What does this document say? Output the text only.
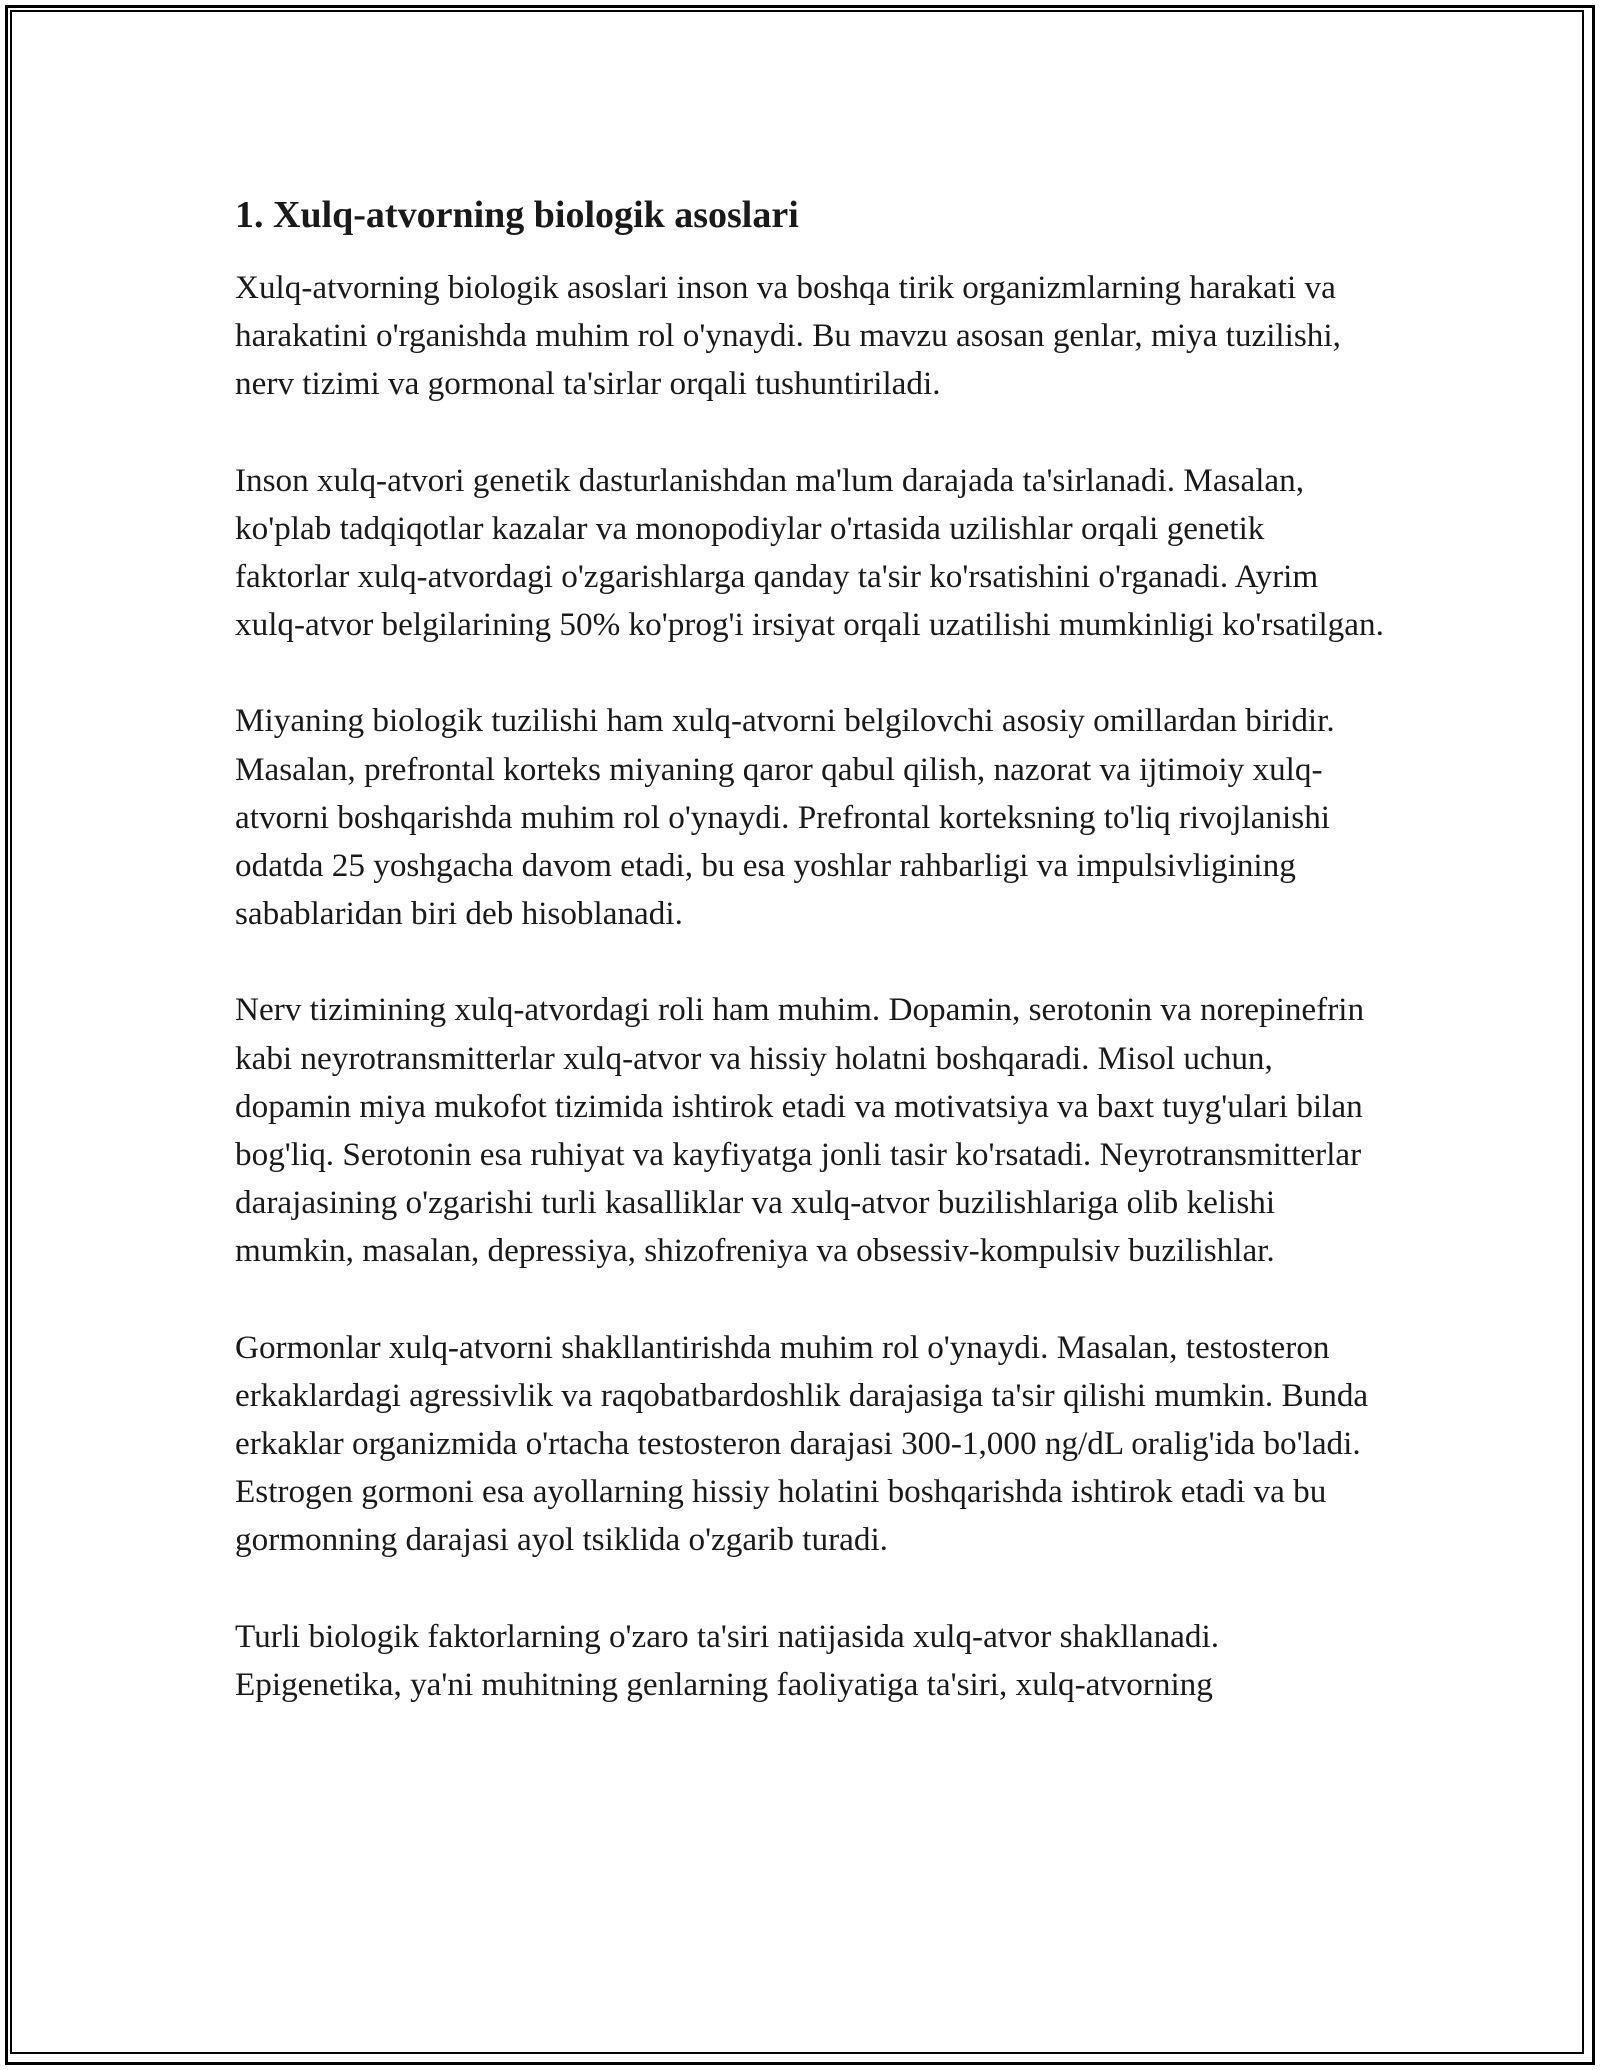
1. Xulq-atvorning biologik asoslari

Xulq-atvorning biologik asoslari inson va boshqa tirik organizmlarning harakati va harakatini o'rganishda muhim rol o'ynaydi. Bu mavzu asosan genlar, miya tuzilishi, nerv tizimi va gormonal ta'sirlar orqali tushuntiriladi.

Inson xulq-atvori genetik dasturlanishdan ma'lum darajada ta'sirlanadi. Masalan, ko'plab tadqiqotlar kazalar va monopodiylar o'rtasida uzilishlar orqali genetik faktorlar xulq-atvordagi o'zgarishlarga qanday ta'sir ko'rsatishini o'rganadi. Ayrim xulq-atvor belgilarining 50% ko'prog'i irsiyat orqali uzatilishi mumkinligi ko'rsatilgan.

Miyaning biologik tuzilishi ham xulq-atvorni belgilovchi asosiy omillardan biridir. Masalan, prefrontal korteks miyaning qaror qabul qilish, nazorat va ijtimoiy xulq-atvorni boshqarishda muhim rol o'ynaydi. Prefrontal korteksning to'liq rivojlanishi odatda 25 yoshgacha davom etadi, bu esa yoshlar rahbarligi va impulsivligining sabablaridan biri deb hisoblanadi.

Nerv tizimining xulq-atvordagi roli ham muhim. Dopamin, serotonin va norepinefrin kabi neyrotransmitterlar xulq-atvor va hissiy holatni boshqaradi. Misol uchun, dopamin miya mukofot tizimida ishtirok etadi va motivatsiya va baxt tuyg'ulari bilan bog'liq. Serotonin esa ruhiyat va kayfiyatga jonli tasir ko'rsatadi. Neyrotransmitterlar darajasining o'zgarishi turli kasalliklar va xulq-atvor buzilishlariga olib kelishi mumkin, masalan, depressiya, shizofreniya va obsessiv-kompulsiv buzilishlar.

Gormonlar xulq-atvorni shakllantirishda muhim rol o'ynaydi. Masalan, testosteron erkaklardagi agressivlik va raqobatbardoshlik darajasiga ta'sir qilishi mumkin. Bunda erkaklar organizmida o'rtacha testosteron darajasi 300-1,000 ng/dL oralig'ida bo'ladi. Estrogen gormoni esa ayollarning hissiy holatini boshqarishda ishtirok etadi va bu gormonning darajasi ayol tsiklida o'zgarib turadi.

Turli biologik faktorlarning o'zaro ta'siri natijasida xulq-atvor shakllanadi. Epigenetika, ya'ni muhitning genlarning faoliyatiga ta'siri, xulq-atvorning
